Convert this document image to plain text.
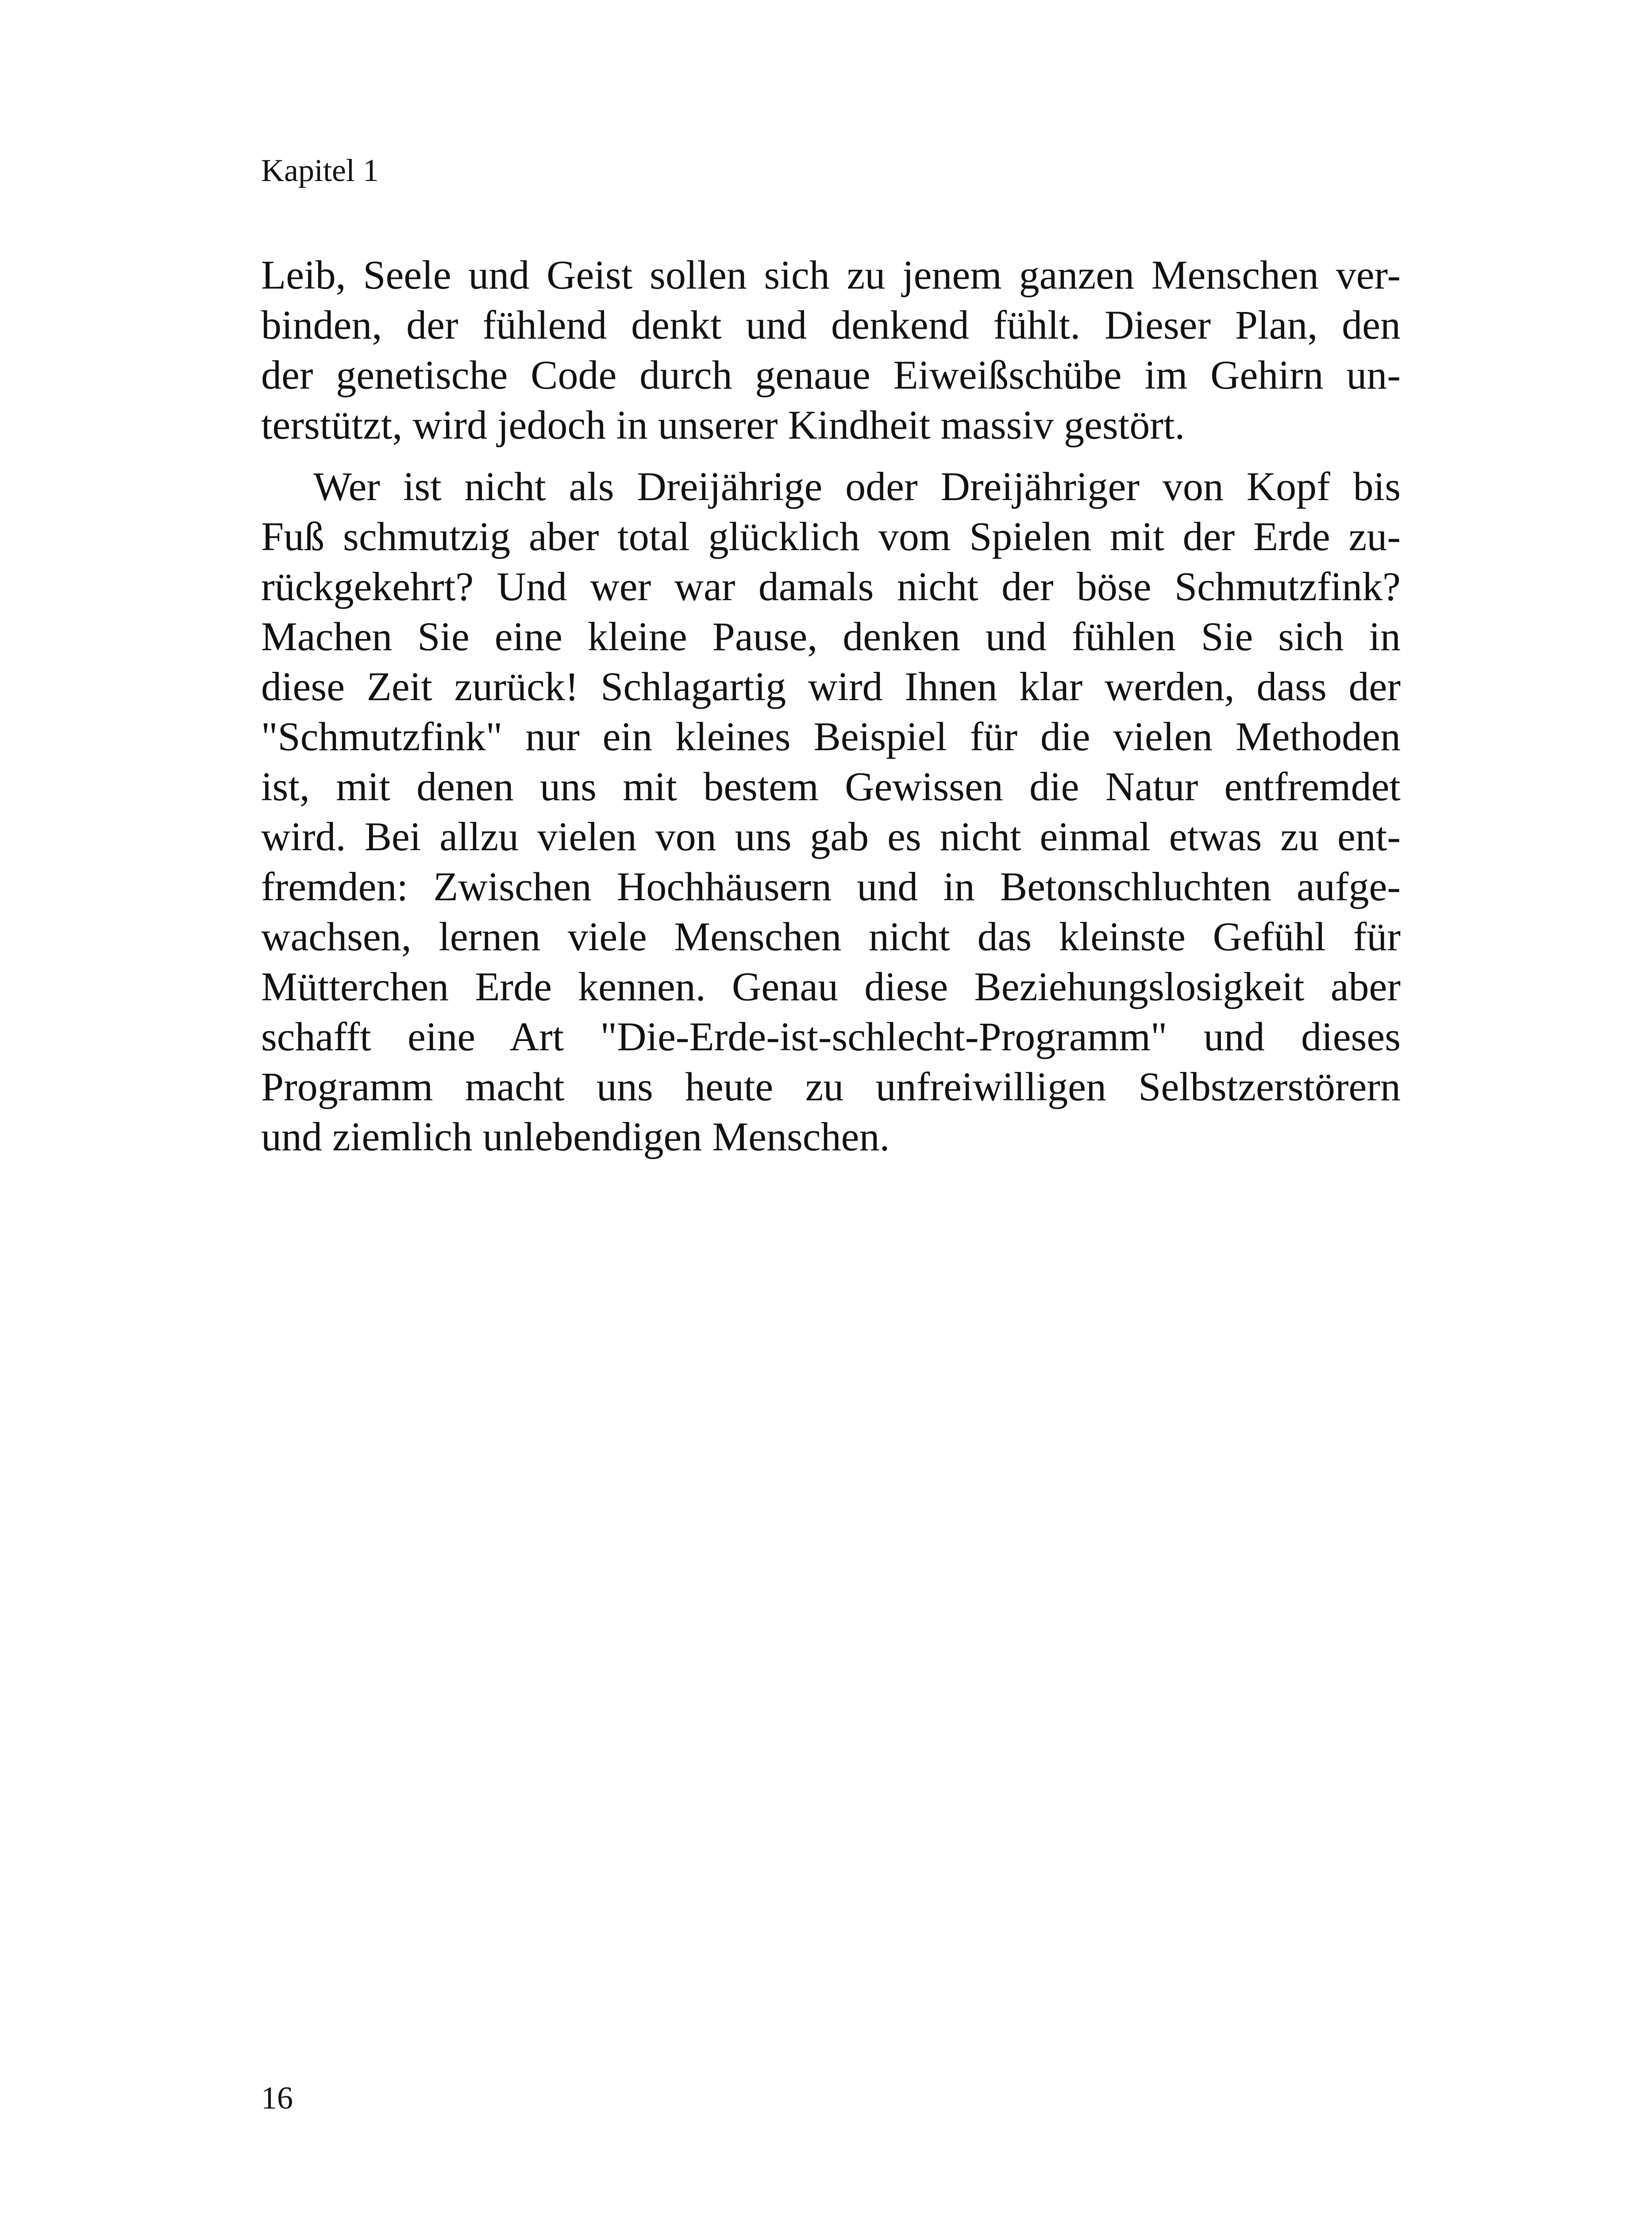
Kapitel 1
Leib, Seele und Geist sollen sich zu jenem ganzen Menschen ver-
binden, der fühlend denkt und denkend fühlt. Dieser Plan, den
der genetische Code durch genaue Eiweißschübe im Gehirn un-
terstützt, wird jedoch in unserer Kindheit massiv gestört.
Wer ist nicht als Dreijährige oder Dreijähriger von Kopf bis
Fuß schmutzig aber total glücklich vom Spielen mit der Erde zu-
rückgekehrt? Und wer war damals nicht der böse Schmutzfink?
Machen Sie eine kleine Pause, denken und fühlen Sie sich in
diese Zeit zurück! Schlagartig wird Ihnen klar werden, dass der
"Schmutzfink" nur ein kleines Beispiel für die vielen Methoden
ist, mit denen uns mit bestem Gewissen die Natur entfremdet
wird. Bei allzu vielen von uns gab es nicht einmal etwas zu ent-
fremden: Zwischen Hochhäusern und in Betonschluchten aufge-
wachsen, lernen viele Menschen nicht das kleinste Gefühl für
Mütterchen Erde kennen. Genau diese Beziehungslosigkeit aber
schafft eine Art "Die-Erde-ist-schlecht-Programm" und dieses
Programm macht uns heute zu unfreiwilligen Selbstzerstörern
und ziemlich unlebendigen Menschen.
16
